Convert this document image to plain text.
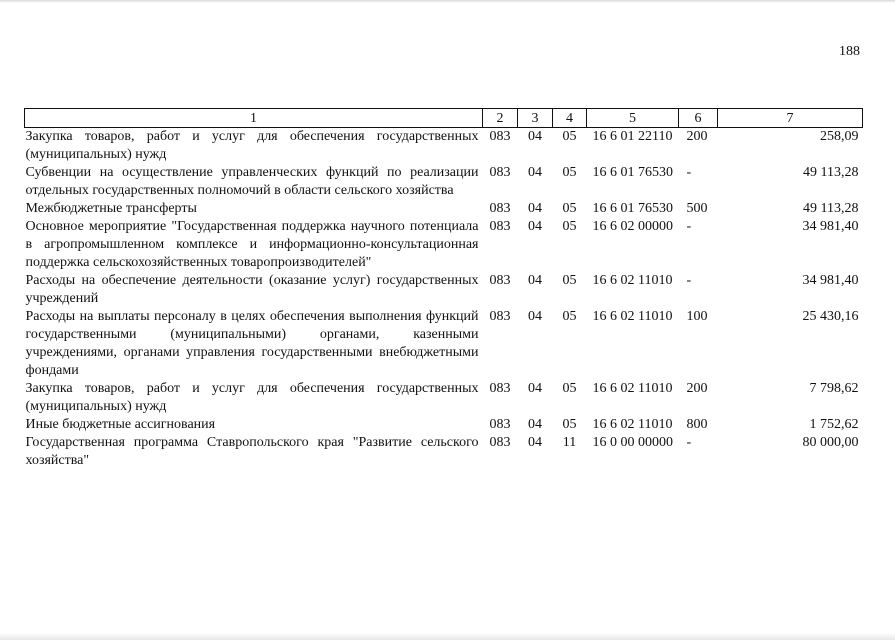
188
1	2	3	4	5	6	7
Закупка товаров, работ и услуг для обеспечения государственных (муниципальных) нужд	083	04	05	16 6 01 22110	200	258,09
Субвенции на осуществление управленческих функций по реализации отдельных государственных полномочий в области сельского хозяйства	083	04	05	16 6 01 76530	-	49 113,28
Межбюджетные трансферты	083	04	05	16 6 01 76530	500	49 113,28
Основное мероприятие "Государственная поддержка научного потенциала в агропромышленном комплексе и информационно-консультационная поддержка сельскохозяйственных товаропроизводителей"	083	04	05	16 6 02 00000	-	34 981,40
Расходы на обеспечение деятельности (оказание услуг) государственных учреждений	083	04	05	16 6 02 11010	-	34 981,40
Расходы на выплаты персоналу в целях обеспечения выполнения функций государственными (муниципальными) органами, казенными учреждениями, органами управления государственными внебюджетными фондами	083	04	05	16 6 02 11010	100	25 430,16
Закупка товаров, работ и услуг для обеспечения государственных (муниципальных) нужд	083	04	05	16 6 02 11010	200	7 798,62
Иные бюджетные ассигнования	083	04	05	16 6 02 11010	800	1 752,62
Государственная программа Ставропольского края "Развитие сельского хозяйства"	083	04	11	16 0 00 00000	-	80 000,00
